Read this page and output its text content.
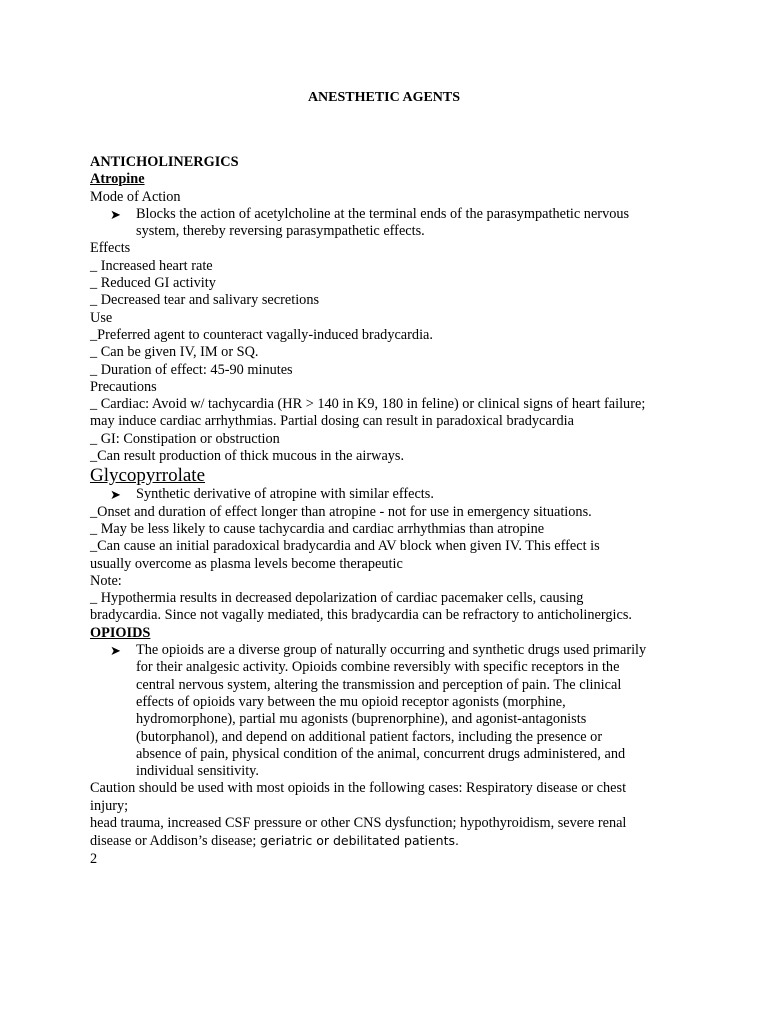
ANESTHETIC AGENTS
ANTICHOLINERGICS
Atropine
Mode of Action
➤ Blocks the action of acetylcholine at the terminal ends of the parasympathetic nervous
system, thereby reversing parasympathetic effects.
Effects
_ Increased heart rate
_ Reduced GI activity
_ Decreased tear and salivary secretions
Use
_Preferred agent to counteract vagally-induced bradycardia.
_ Can be given IV, IM or SQ.
_ Duration of effect: 45-90 minutes
Precautions
_ Cardiac: Avoid w/ tachycardia (HR > 140 in K9, 180 in feline) or clinical signs of heart failure;
may induce cardiac arrhythmias. Partial dosing can result in paradoxical bradycardia
_ GI: Constipation or obstruction
_Can result production of thick mucous in the airways.
Glycopyrrolate
➤ Synthetic derivative of atropine with similar effects.
_Onset and duration of effect longer than atropine - not for use in emergency situations.
_ May be less likely to cause tachycardia and cardiac arrhythmias than atropine
_Can cause an initial paradoxical bradycardia and AV block when given IV. This effect is
usually overcome as plasma levels become therapeutic
Note:
_ Hypothermia results in decreased depolarization of cardiac pacemaker cells, causing
bradycardia. Since not vagally mediated, this bradycardia can be refractory to anticholinergics.
OPIOIDS
➤ The opioids are a diverse group of naturally occurring and synthetic drugs used primarily
for their analgesic activity. Opioids combine reversibly with specific receptors in the
central nervous system, altering the transmission and perception of pain. The clinical
effects of opioids vary between the mu opioid receptor agonists (morphine,
hydromorphone), partial mu agonists (buprenorphine), and agonist-antagonists
(butorphanol), and depend on additional patient factors, including the presence or
absence of pain, physical condition of the animal, concurrent drugs administered, and
individual sensitivity.
Caution should be used with most opioids in the following cases: Respiratory disease or chest
injury;
head trauma, increased CSF pressure or other CNS dysfunction; hypothyroidism, severe renal
disease or Addison’s disease; geriatric or debilitated patients.
2
